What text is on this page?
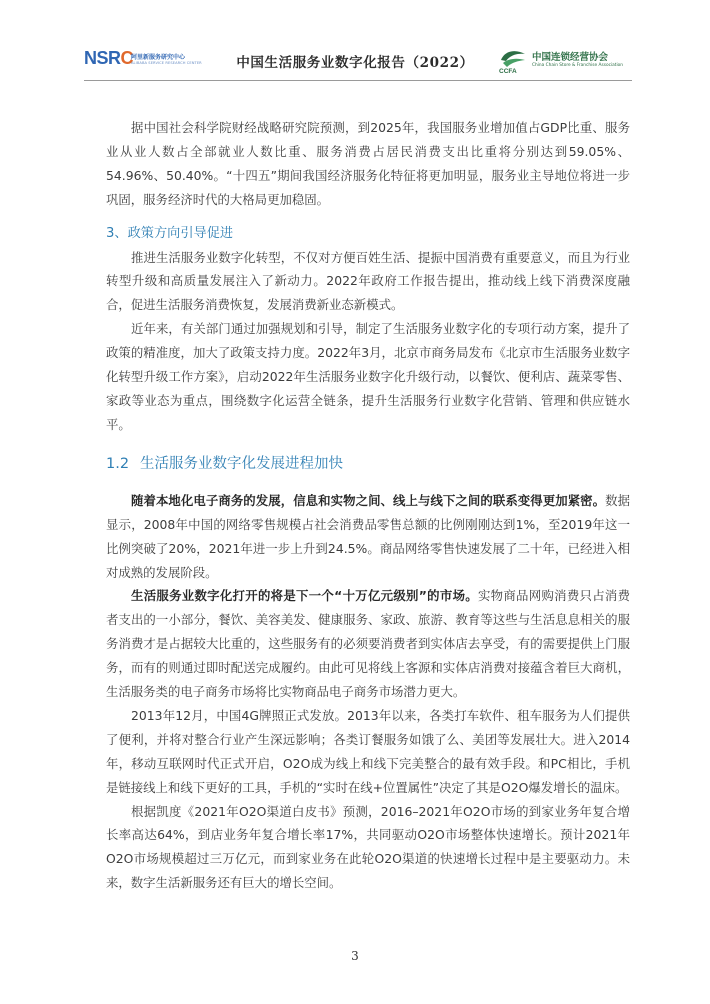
NSRC
阿里新服务研究中心
ALIBABA SERVICE RESEARCH CENTER	中国生活服务业数字化报告（2022）
CCFA
中国连锁经营协会
China Chain Store & Franchise Association

据中国社会科学院财经战略研究院预测，到2025年，我国服务业增加值占GDP比重、服务业从业人数占全部就业人数比重、服务消费占居民消费支出比重将分别达到59.05%、54.96%、50.40%。“十四五”期间我国经济服务化特征将更加明显，服务业主导地位将进一步巩固，服务经济时代的大格局更加稳固。

3、政策方向引导促进

推进生活服务业数字化转型，不仅对方便百姓生活、提振中国消费有重要意义，而且为行业转型升级和高质量发展注入了新动力。2022年政府工作报告提出，推动线上线下消费深度融合，促进生活服务消费恢复，发展消费新业态新模式。

近年来，有关部门通过加强规划和引导，制定了生活服务业数字化的专项行动方案，提升了政策的精准度，加大了政策支持力度。2022年3月，北京市商务局发布《北京市生活服务业数字化转型升级工作方案》，启动2022年生活服务业数字化升级行动，以餐饮、便利店、蔬菜零售、家政等业态为重点，围绕数字化运营全链条，提升生活服务行业数字化营销、管理和供应链水平。

1.2 生活服务业数字化发展进程加快

随着本地化电子商务的发展，信息和实物之间、线上与线下之间的联系变得更加紧密。数据显示，2008年中国的网络零售规模占社会消费品零售总额的比例刚刚达到1%，至2019年这一比例突破了20%，2021年进一步上升到24.5%。商品网络零售快速发展了二十年，已经进入相对成熟的发展阶段。

生活服务业数字化打开的将是下一个“十万亿元级别”的市场。实物商品网购消费只占消费者支出的一小部分，餐饮、美容美发、健康服务、家政、旅游、教育等这些与生活息息相关的服务消费才是占据较大比重的，这些服务有的必须要消费者到实体店去享受，有的需要提供上门服务，而有的则通过即时配送完成履约。由此可见将线上客源和实体店消费对接蕴含着巨大商机，生活服务类的电子商务市场将比实物商品电子商务市场潜力更大。

2013年12月，中国4G牌照正式发放。2013年以来，各类打车软件、租车服务为人们提供了便利，并将对整合行业产生深远影响；各类订餐服务如饿了么、美团等发展壮大。进入2014年，移动互联网时代正式开启，O2O成为线上和线下完美整合的最有效手段。和PC相比，手机是链接线上和线下更好的工具，手机的“实时在线+位置属性”决定了其是O2O爆发增长的温床。

根据凯度《2021年O2O渠道白皮书》预测，2016–2021年O2O市场的到家业务年复合增长率高达64%，到店业务年复合增长率17%，共同驱动O2O市场整体快速增长。预计2021年O2O市场规模超过三万亿元，而到家业务在此轮O2O渠道的快速增长过程中是主要驱动力。未来，数字生活新服务还有巨大的增长空间。

3
